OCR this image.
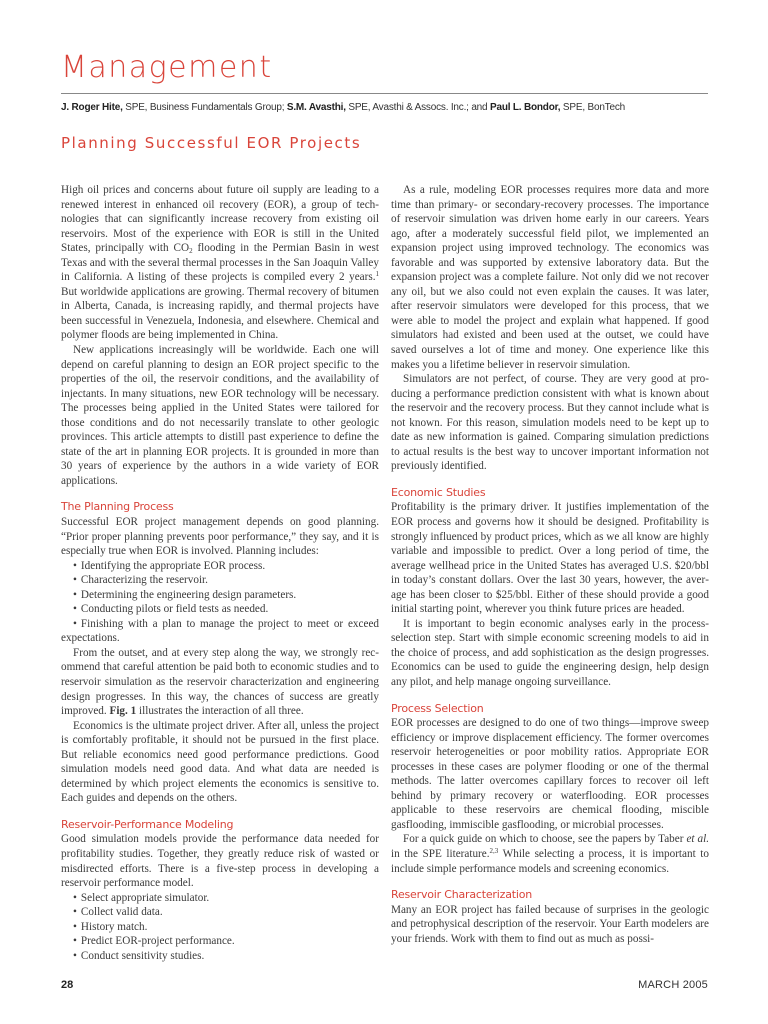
Management
J. Roger Hite, SPE, Business Fundamentals Group; S.M. Avasthi, SPE, Avasthi & Assocs. Inc.; and Paul L. Bondor, SPE, BonTech
Planning Successful EOR Projects

High oil prices and concerns about future oil supply are leading to a renewed interest in enhanced oil recovery (EOR), a group of technologies that can significantly increase recovery from existing oil reservoirs. Most of the experience with EOR is still in the United States, principally with $CO_2$ flooding in the Permian Basin in west Texas and with the several thermal processes in the San Joaquin Valley in California. A listing of these projects is compiled every 2 years.$^1$ But worldwide applications are growing. Thermal recovery of bitumen in Alberta, Canada, is increasing rapidly, and thermal projects have been successful in Venezuela, Indonesia, and elsewhere. Chemical and polymer floods are being implemented in China.

New applications increasingly will be worldwide. Each one will depend on careful planning to design an EOR project specific to the properties of the oil, the reservoir conditions, and the availability of injectants. In many situations, new EOR technology will be necessary. The processes being applied in the United States were tailored for those conditions and do not necessarily translate to other geologic provinces. This article attempts to distill past experience to define the state of the art in planning EOR projects. It is grounded in more than 30 years of experience by the authors in a wide variety of EOR applications.

The Planning Process

Successful EOR project management depends on good planning. “Prior proper planning prevents poor performance,” they say, and it is especially true when EOR is involved. Planning includes:

• Identifying the appropriate EOR process.
• Characterizing the reservoir.
• Determining the engineering design parameters.
• Conducting pilots or field tests as needed.
• Finishing with a plan to manage the project to meet or exceed expectations.

From the outset, and at every step along the way, we strongly recommend that careful attention be paid both to economic studies and to reservoir simulation as the reservoir characterization and engineering design progresses. In this way, the chances of success are greatly improved. Fig. 1 illustrates the interaction of all three.

Economics is the ultimate project driver. After all, unless the project is comfortably profitable, it should not be pursued in the first place. But reliable economics need good performance predictions. Good simulation models need good data. And what data are needed is determined by which project elements the economics is sensitive to. Each guides and depends on the others.

Reservoir-Performance Modeling

Good simulation models provide the performance data needed for profitability studies. Together, they greatly reduce risk of wasted or misdirected efforts. There is a five-step process in developing a reservoir performance model.

• Select appropriate simulator.
• Collect valid data.
• History match.
• Predict EOR-project performance.
• Conduct sensitivity studies.

As a rule, modeling EOR processes requires more data and more time than primary- or secondary-recovery processes. The importance of reservoir simulation was driven home early in our careers. Years ago, after a moderately successful field pilot, we implemented an expansion project using improved technology. The economics was favorable and was supported by extensive laboratory data. But the expansion project was a complete failure. Not only did we not recover any oil, but we also could not even explain the causes. It was later, after reservoir simulators were developed for this process, that we were able to model the project and explain what happened. If good simulators had existed and been used at the outset, we could have saved ourselves a lot of time and money. One experience like this makes you a lifetime believer in reservoir simulation.

Simulators are not perfect, of course. They are very good at producing a performance prediction consistent with what is known about the reservoir and the recovery process. But they cannot include what is not known. For this reason, simulation models need to be kept up to date as new information is gained. Comparing simulation predictions to actual results is the best way to uncover important information not previously identified.

Economic Studies

Profitability is the primary driver. It justifies implementation of the EOR process and governs how it should be designed. Profitability is strongly influenced by product prices, which as we all know are highly variable and impossible to predict. Over a long period of time, the average wellhead price in the United States has averaged U.S. $20/bbl in today’s constant dollars. Over the last 30 years, however, the average has been closer to $25/bbl. Either of these should provide a good initial starting point, wherever you think future prices are headed.

It is important to begin economic analyses early in the process-selection step. Start with simple economic screening models to aid in the choice of process, and add sophistication as the design progresses. Economics can be used to guide the engineering design, help design any pilot, and help manage ongoing surveillance.

Process Selection

EOR processes are designed to do one of two things—improve sweep efficiency or improve displacement efficiency. The former overcomes reservoir heterogeneities or poor mobility ratios. Appropriate EOR processes in these cases are polymer flooding or one of the thermal methods. The latter overcomes capillary forces to recover oil left behind by primary recovery or waterflooding. EOR processes applicable to these reservoirs are chemical flooding, miscible gasflooding, immiscible gasflooding, or microbial processes.

For a quick guide on which to choose, see the papers by Taber et al. in the SPE literature.$^{2,3}$ While selecting a process, it is important to include simple performance models and screening economics.

Reservoir Characterization

Many an EOR project has failed because of surprises in the geologic and petrophysical description of the reservoir. Your Earth modelers are your friends. Work with them to find out as much as possi-

28	MARCH 2005
